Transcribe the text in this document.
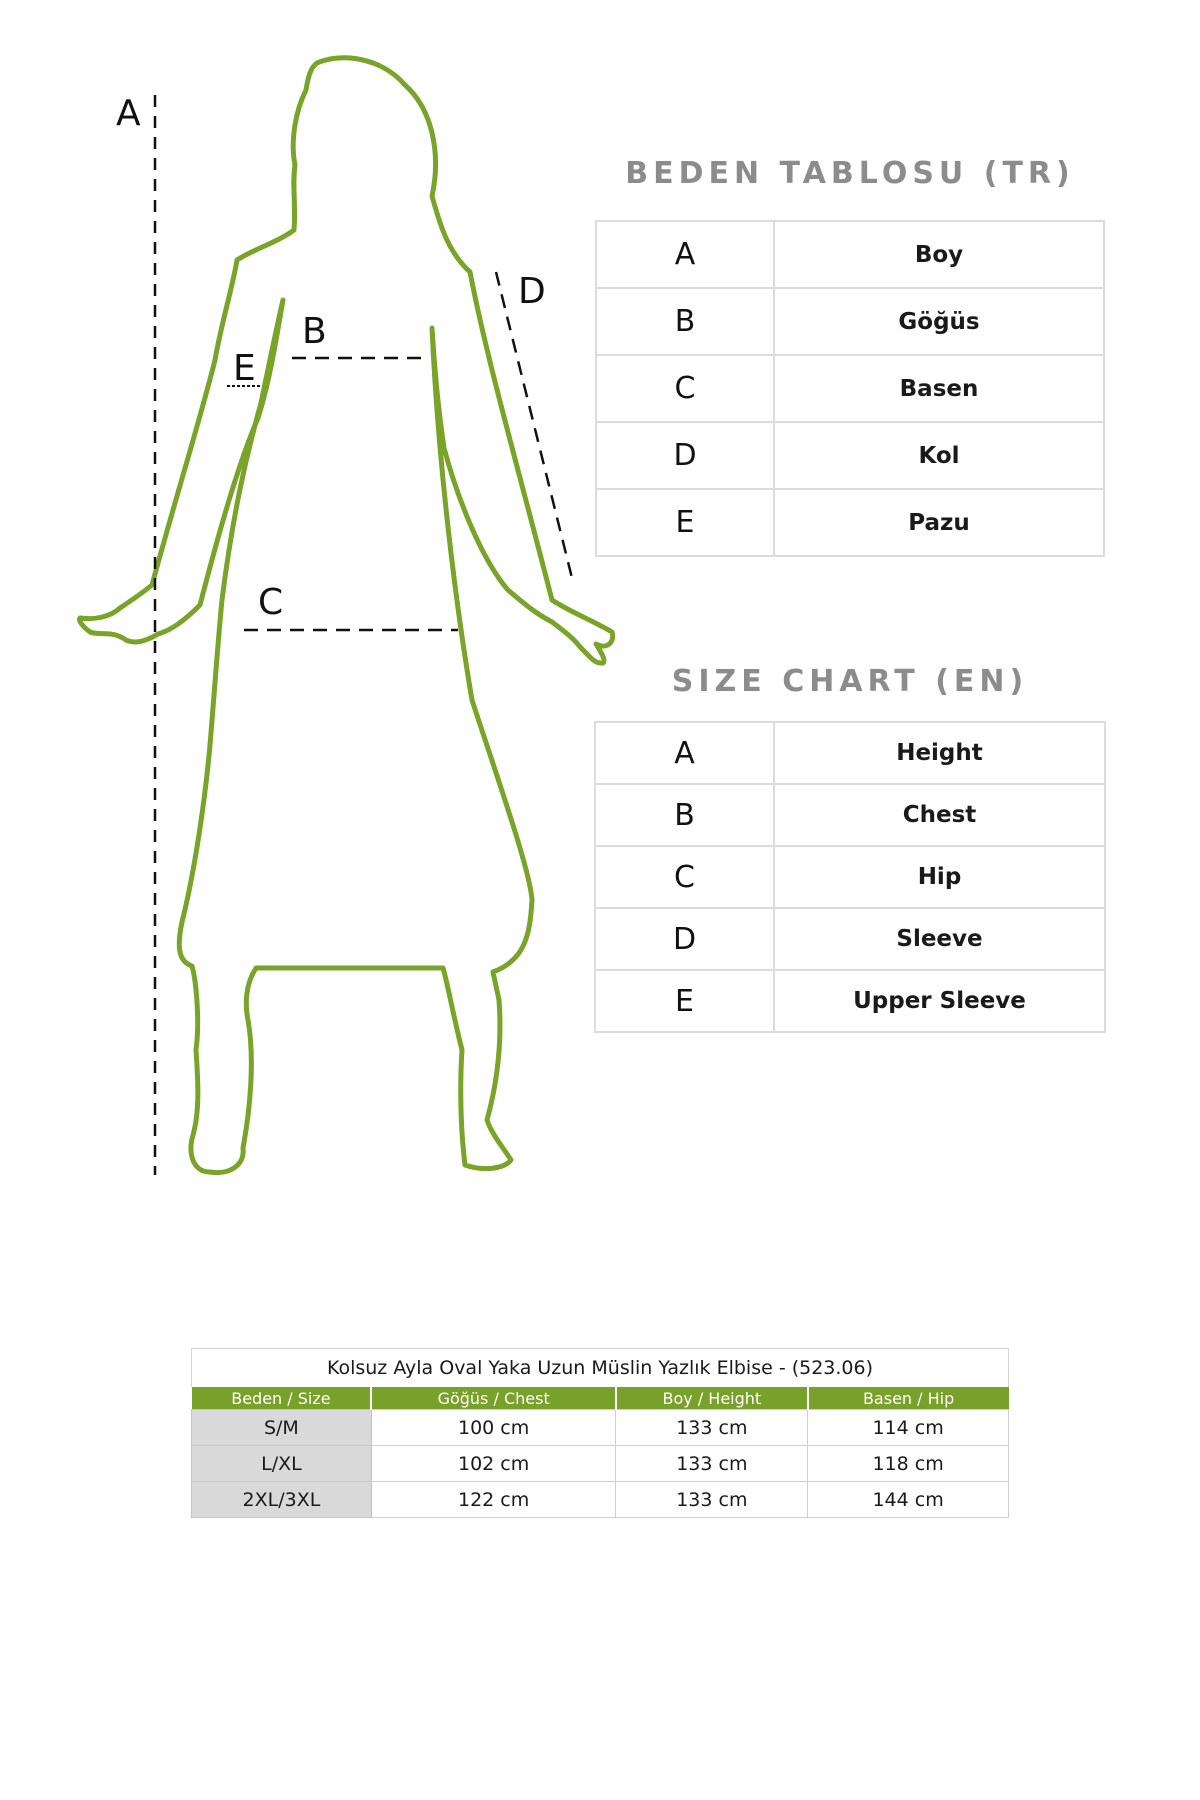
A
B
C
D
E
BEDEN TABLOSU (TR)
A	Boy
B	Göğüs
C	Basen
D	Kol
E	Pazu
SIZE CHART (EN)
A	Height
B	Chest
C	Hip
D	Sleeve
E	Upper Sleeve
Kolsuz Ayla Oval Yaka Uzun Müslin Yazlık Elbise - (523.06)
Beden / Size	Göğüs / Chest	Boy / Height	Basen / Hip
S/M	100 cm	133 cm	114 cm
L/XL	102 cm	133 cm	118 cm
2XL/3XL	122 cm	133 cm	144 cm
